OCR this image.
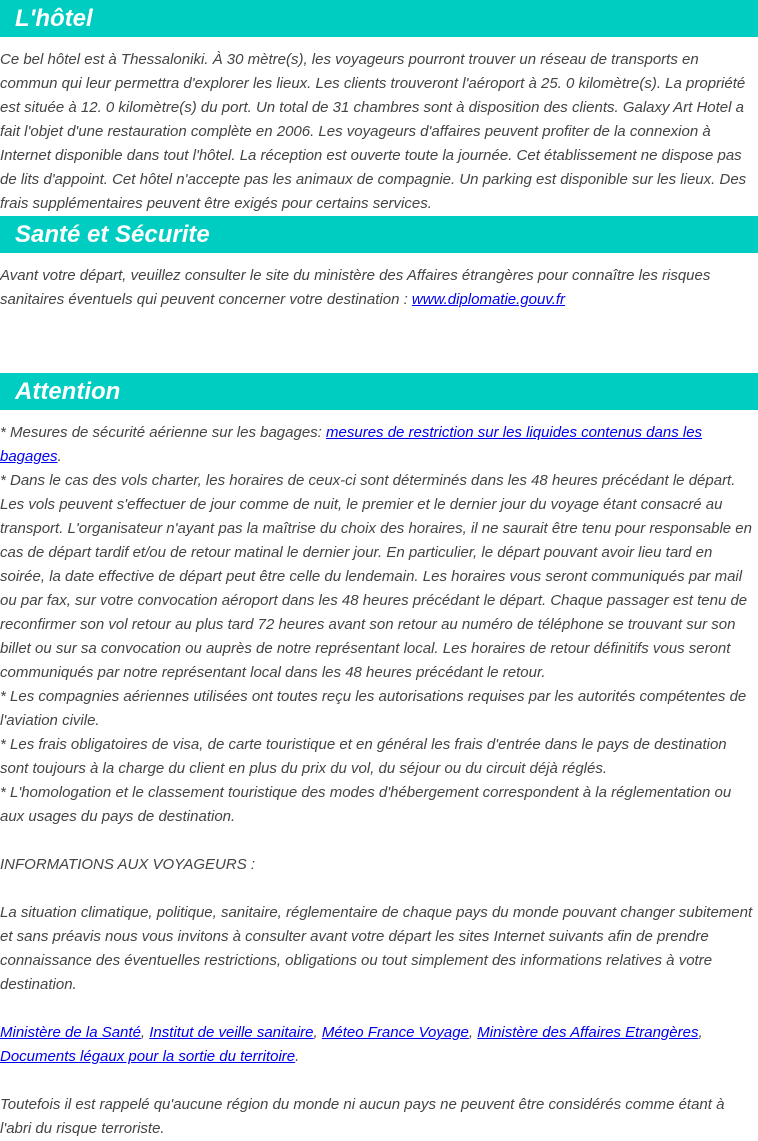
L'hôtel

Ce bel hôtel est à Thessaloniki. À 30 mètre(s), les voyageurs pourront trouver un réseau de transports en commun qui leur permettra d'explorer les lieux. Les clients trouveront l'aéroport à 25. 0 kilomètre(s). La propriété est située à 12. 0 kilomètre(s) du port. Un total de 31 chambres sont à disposition des clients. Galaxy Art Hotel a fait l'objet d'une restauration complète en 2006. Les voyageurs d'affaires peuvent profiter de la connexion à Internet disponible dans tout l'hôtel. La réception est ouverte toute la journée. Cet établissement ne dispose pas de lits d'appoint. Cet hôtel n'accepte pas les animaux de compagnie. Un parking est disponible sur les lieux. Des frais supplémentaires peuvent être exigés pour certains services.

Santé et Sécurite

Avant votre départ, veuillez consulter le site du ministère des Affaires étrangères pour connaître les risques sanitaires éventuels qui peuvent concerner votre destination : www.diplomatie.gouv.fr

Attention

* Mesures de sécurité aérienne sur les bagages: mesures de restriction sur les liquides contenus dans les bagages.

* Dans le cas des vols charter, les horaires de ceux-ci sont déterminés dans les 48 heures précédant le départ. Les vols peuvent s'effectuer de jour comme de nuit, le premier et le dernier jour du voyage étant consacré au transport. L'organisateur n'ayant pas la maîtrise du choix des horaires, il ne saurait être tenu pour responsable en cas de départ tardif et/ou de retour matinal le dernier jour. En particulier, le départ pouvant avoir lieu tard en soirée, la date effective de départ peut être celle du lendemain. Les horaires vous seront communiqués par mail ou par fax, sur votre convocation aéroport dans les 48 heures précédant le départ. Chaque passager est tenu de reconfirmer son vol retour au plus tard 72 heures avant son retour au numéro de téléphone se trouvant sur son billet ou sur sa convocation ou auprès de notre représentant local. Les horaires de retour définitifs vous seront communiqués par notre représentant local dans les 48 heures précédant le retour.

* Les compagnies aériennes utilisées ont toutes reçu les autorisations requises par les autorités compétentes de l'aviation civile.

* Les frais obligatoires de visa, de carte touristique et en général les frais d'entrée dans le pays de destination sont toujours à la charge du client en plus du prix du vol, du séjour ou du circuit déjà réglés.

* L'homologation et le classement touristique des modes d'hébergement correspondent à la réglementation ou aux usages du pays de destination.

INFORMATIONS AUX VOYAGEURS :

La situation climatique, politique, sanitaire, réglementaire de chaque pays du monde pouvant changer subitement et sans préavis nous vous invitons à consulter avant votre départ les sites Internet suivants afin de prendre connaissance des éventuelles restrictions, obligations ou tout simplement des informations relatives à votre destination.

Ministère de la Santé, Institut de veille sanitaire, Méteo France Voyage, Ministère des Affaires Etrangères, Documents légaux pour la sortie du territoire.

Toutefois il est rappelé qu'aucune région du monde ni aucun pays ne peuvent être considérés comme étant à l'abri du risque terroriste.
